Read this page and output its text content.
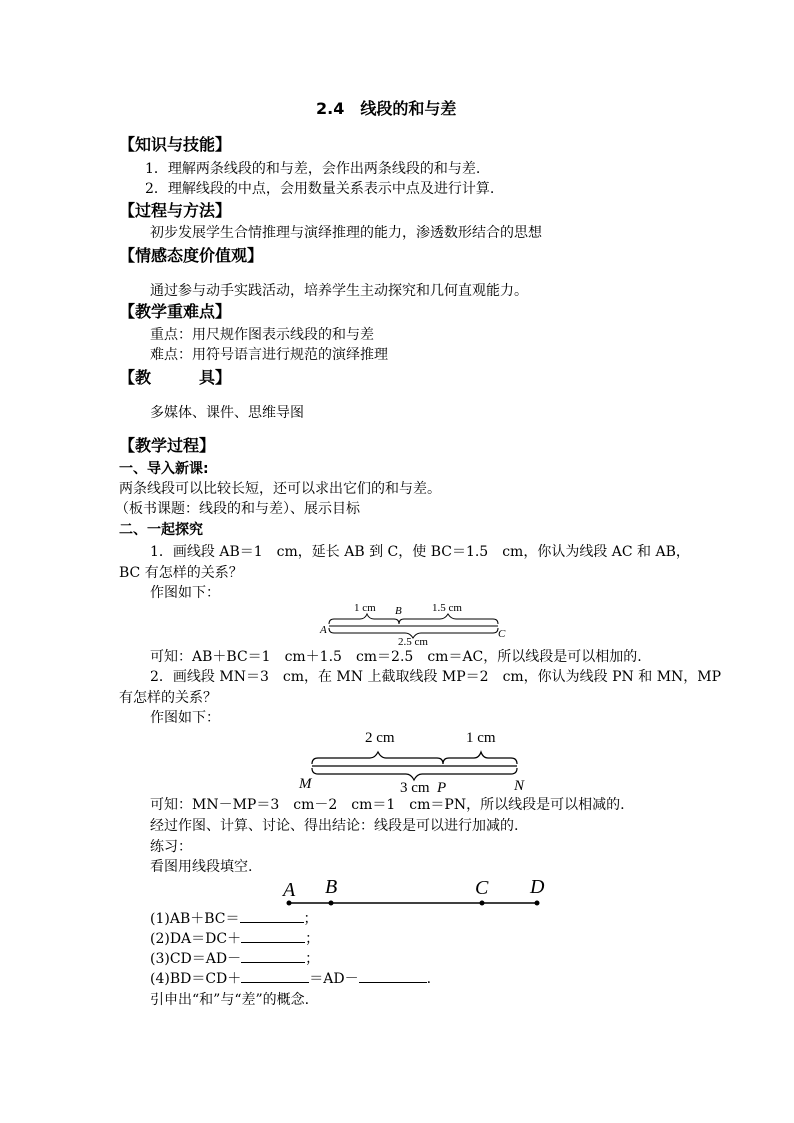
2.4　线段的和与差
【知识与技能】
1．理解两条线段的和与差，会作出两条线段的和与差.
2．理解线段的中点，会用数量关系表示中点及进行计算.
【过程与方法】
初步发展学生合情推理与演绎推理的能力，渗透数形结合的思想
【情感态度价值观】
通过参与动手实践活动，培养学生主动探究和几何直观能力。
【教学重难点】
重点：用尺规作图表示线段的和与差
难点：用符号语言进行规范的演绎推理
【教　　　具】
多媒体、课件、思维导图
【教学过程】
一、导入新课:
两条线段可以比较长短，还可以求出它们的和与差。
（板书课题：线段的和与差）、展示目标
二、一起探究
1．画线段 AB＝1　cm，延长 AB 到 C，使 BC＝1.5　cm，你认为线段 AC 和 AB，
BC 有怎样的关系？
作图如下：
1 cm	1.5 cm
2.5 cm
A
B
C
可知：AB＋BC＝1　cm＋1.5　cm＝2.5　cm＝AC，所以线段是可以相加的.
2．画线段 MN＝3　cm，在 MN 上截取线段 MP＝2　cm，你认为线段 PN 和 MN，MP
有怎样的关系？
作图如下：
2 cm	1 cm
3 cm
M	P	N
可知：MN－MP＝3　cm－2　cm＝1　cm＝PN，所以线段是可以相减的.
经过作图、计算、讨论、得出结论：线段是可以进行加减的.
练习：
看图用线段填空.
A B	C D
(1)AB＋BC＝	；
(2)DA＝DC＋	；
(3)CD＝AD－	；
(4)BD＝CD＋	＝AD－	.
引申出“和”与“差”的概念.
